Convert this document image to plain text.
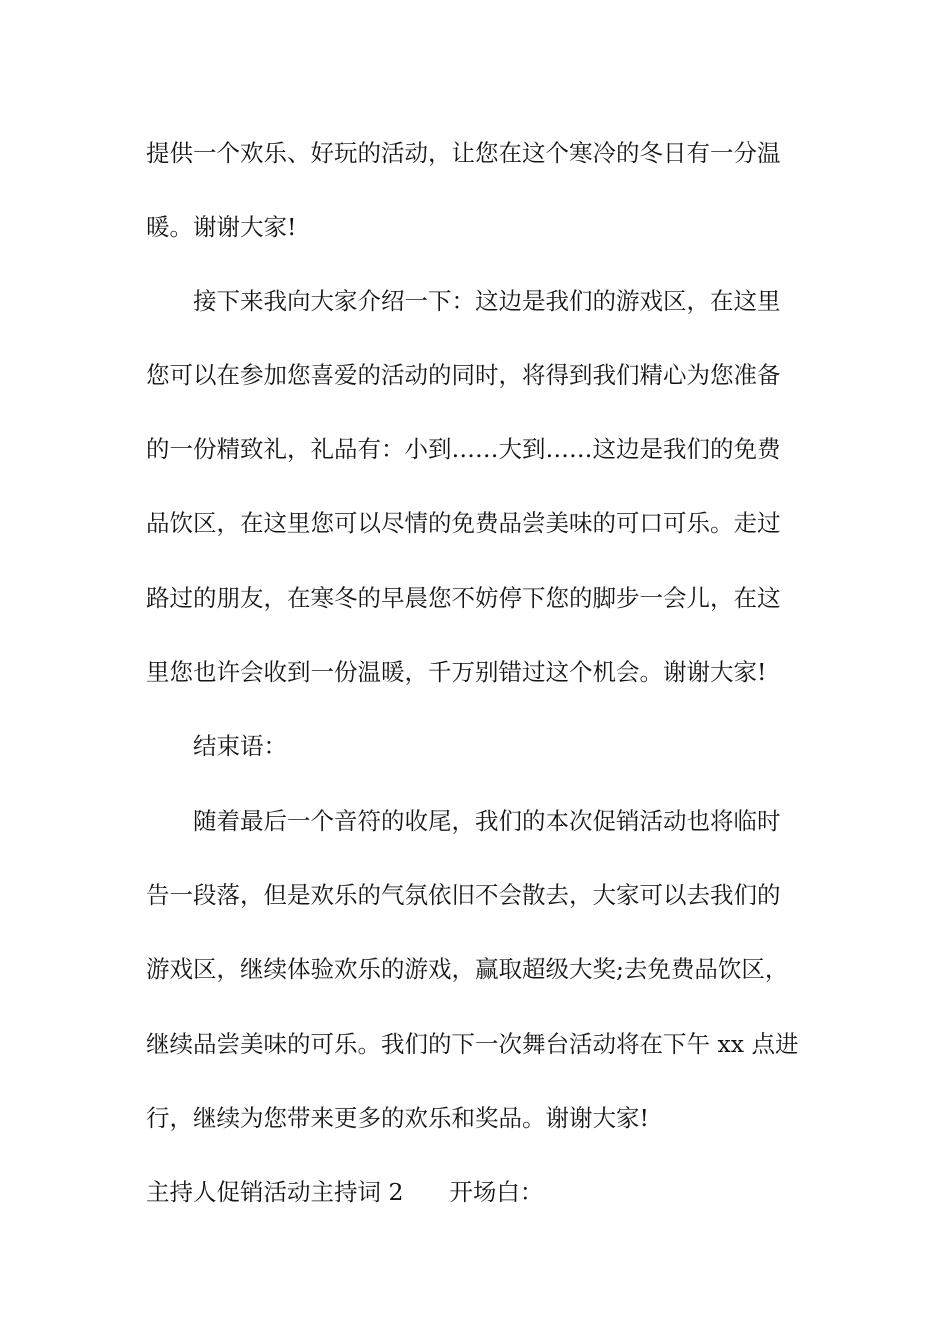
提供一个欢乐、好玩的活动，让您在这个寒冷的冬日有一分温
暖。谢谢大家!
接下来我向大家介绍一下：这边是我们的游戏区，在这里
您可以在参加您喜爱的活动的同时，将得到我们精心为您准备
的一份精致礼，礼品有：小到……大到……这边是我们的免费
品饮区，在这里您可以尽情的免费品尝美味的可口可乐。走过
路过的朋友，在寒冬的早晨您不妨停下您的脚步一会儿，在这
里您也许会收到一份温暖，千万别错过这个机会。谢谢大家!
结束语：
随着最后一个音符的收尾，我们的本次促销活动也将临时
告一段落，但是欢乐的气氛依旧不会散去，大家可以去我们的
游戏区，继续体验欢乐的游戏，赢取超级大奖;去免费品饮区，
继续品尝美味的可乐。我们的下一次舞台活动将在下午 xx 点进
行，继续为您带来更多的欢乐和奖品。谢谢大家!
主持人促销活动主持词 2 开场白：
